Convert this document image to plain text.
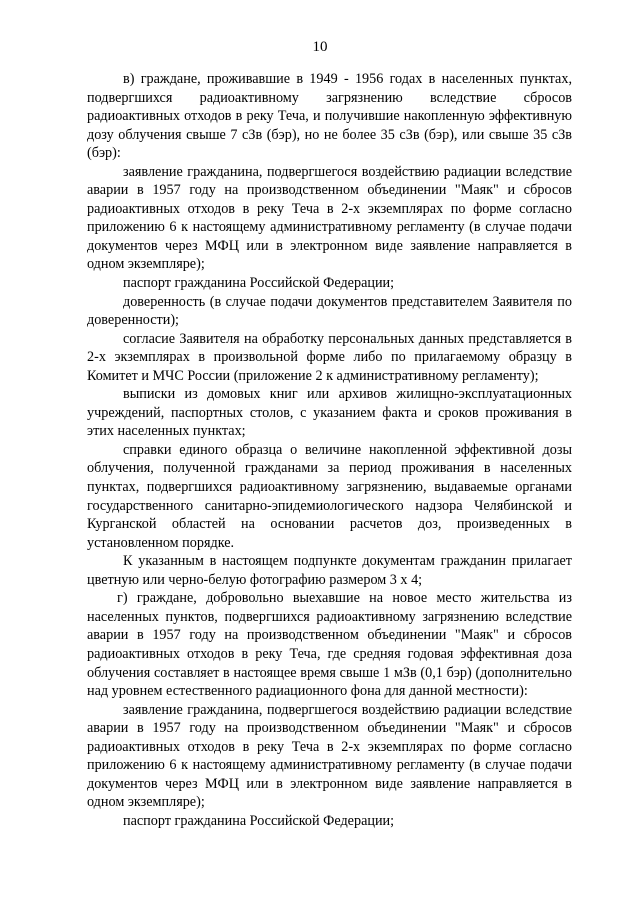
10

в) граждане, проживавшие в 1949 - 1956 годах в населенных пунктах, подвергшихся радиоактивному загрязнению вследствие сбросов радиоактивных отходов в реку Теча, и получившие накопленную эффективную дозу облучения свыше 7 сЗв (бэр), но не более 35 сЗв (бэр), или свыше 35 сЗв (бэр):

заявление гражданина, подвергшегося воздействию радиации вследствие аварии в 1957 году на производственном объединении "Маяк" и сбросов радиоактивных отходов в реку Теча в 2-х экземплярах по форме согласно приложению 6 к настоящему административному регламенту (в случае подачи документов через МФЦ или в электронном виде заявление направляется в одном экземпляре);

паспорт гражданина Российской Федерации;

доверенность (в случае подачи документов представителем Заявителя по доверенности);

согласие Заявителя на обработку персональных данных представляется в 2-х экземплярах в произвольной форме либо по прилагаемому образцу в Комитет и МЧС России (приложение 2 к административному регламенту);

выписки из домовых книг или архивов жилищно-эксплуатационных учреждений, паспортных столов, с указанием факта и сроков проживания в этих населенных пунктах;

справки единого образца о величине накопленной эффективной дозы облучения, полученной гражданами за период проживания в населенных пунктах, подвергшихся радиоактивному загрязнению, выдаваемые органами государственного санитарно-эпидемиологического надзора Челябинской и Курганской областей на основании расчетов доз, произведенных в установленном порядке.

К указанным в настоящем подпункте документам гражданин прилагает цветную или черно-белую фотографию размером 3 х 4;

г) граждане, добровольно выехавшие на новое место жительства из населенных пунктов, подвергшихся радиоактивному загрязнению вследствие аварии в 1957 году на производственном объединении "Маяк" и сбросов радиоактивных отходов в реку Теча, где средняя годовая эффективная доза облучения составляет в настоящее время свыше 1 мЗв (0,1 бэр) (дополнительно над уровнем естественного радиационного фона для данной местности):

заявление гражданина, подвергшегося воздействию радиации вследствие аварии в 1957 году на производственном объединении "Маяк" и сбросов радиоактивных отходов в реку Теча в 2-х экземплярах по форме согласно приложению 6 к настоящему административному регламенту (в случае подачи документов через МФЦ или в электронном виде заявление направляется в одном экземпляре);

паспорт гражданина Российской Федерации;
